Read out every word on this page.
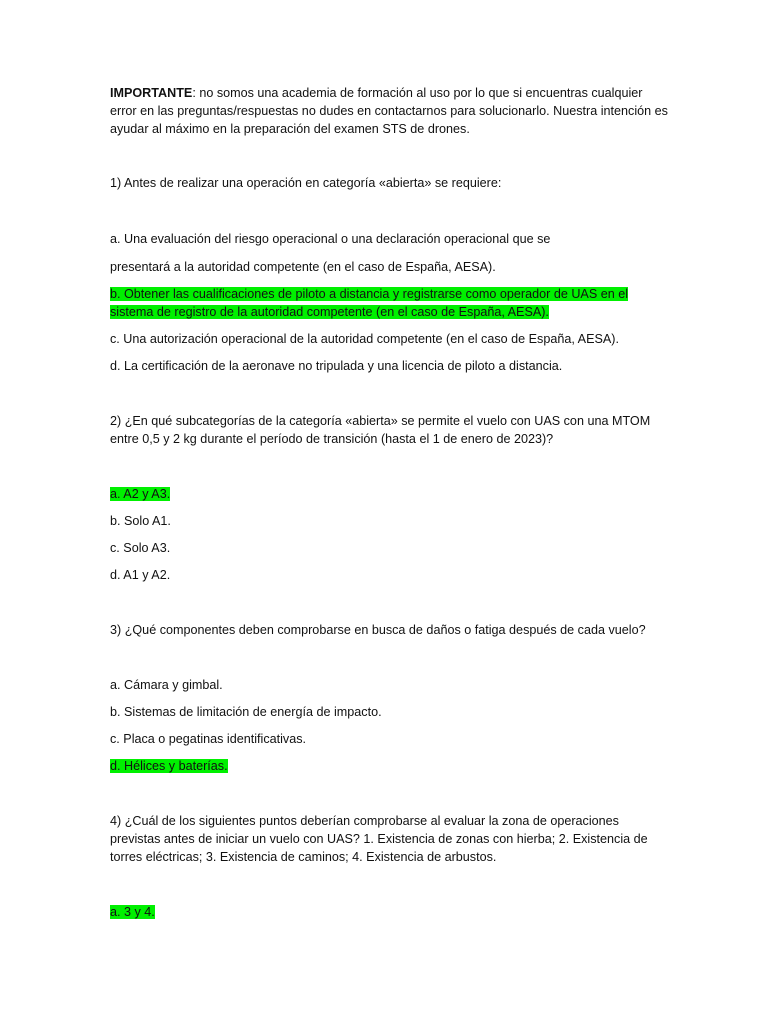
IMPORTANTE: no somos una academia de formación al uso por lo que si encuentras cualquier error en las preguntas/respuestas no dudes en contactarnos para solucionarlo. Nuestra intención es ayudar al máximo en la preparación del examen STS de drones.

1) Antes de realizar una operación en categoría «abierta» se requiere:

a. Una evaluación del riesgo operacional o una declaración operacional que se
presentará a la autoridad competente (en el caso de España, AESA).
b. Obtener las cualificaciones de piloto a distancia y registrarse como operador de UAS en el sistema de registro de la autoridad competente (en el caso de España, AESA).
c. Una autorización operacional de la autoridad competente (en el caso de España, AESA).
d. La certificación de la aeronave no tripulada y una licencia de piloto a distancia.

2) ¿En qué subcategorías de la categoría «abierta» se permite el vuelo con UAS con una MTOM entre 0,5 y 2 kg durante el período de transición (hasta el 1 de enero de 2023)?

a. A2 y A3.
b. Solo A1.
c. Solo A3.
d. A1 y A2.

3) ¿Qué componentes deben comprobarse en busca de daños o fatiga después de cada vuelo?

a. Cámara y gimbal.
b. Sistemas de limitación de energía de impacto.
c. Placa o pegatinas identificativas.
d. Hélices y baterías.

4) ¿Cuál de los siguientes puntos deberían comprobarse al evaluar la zona de operaciones previstas antes de iniciar un vuelo con UAS? 1. Existencia de zonas con hierba; 2. Existencia de torres eléctricas; 3. Existencia de caminos; 4. Existencia de arbustos.

a. 3 y 4.
